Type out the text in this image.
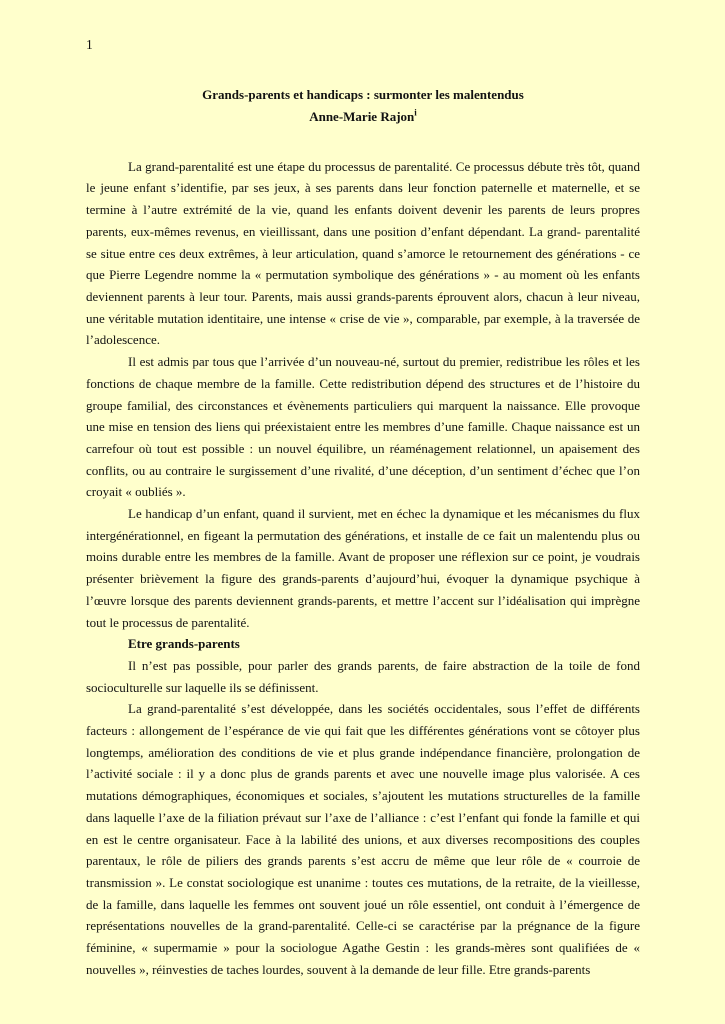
1

Grands-parents et handicaps : surmonter les malentendus

Anne-Marie Rajon$^i$

La grand-parentalité est une étape du processus de parentalité. Ce processus débute très tôt, quand le jeune enfant s’identifie, par ses jeux, à ses parents dans leur fonction paternelle et maternelle, et se termine à l’autre extrémité de la vie, quand les enfants doivent devenir les parents de leurs propres parents, eux-mêmes revenus, en vieillissant, dans une position d’enfant dépendant. La grand- parentalité se situe entre ces deux extrêmes, à leur articulation, quand s’amorce le retournement des générations - ce que Pierre Legendre nomme la « permutation symbolique des générations » - au moment où les enfants deviennent parents à leur tour. Parents, mais aussi grands-parents éprouvent alors, chacun à leur niveau, une véritable mutation identitaire, une intense « crise de vie », comparable, par exemple, à la traversée de l’adolescence.

Il est admis par tous que l’arrivée d’un nouveau-né, surtout du premier, redistribue les rôles et les fonctions de chaque membre de la famille. Cette redistribution dépend des structures et de l’histoire du groupe familial, des circonstances et évènements particuliers qui marquent la naissance. Elle provoque une mise en tension des liens qui préexistaient entre les membres d’une famille. Chaque naissance est un carrefour où tout est possible : un nouvel équilibre, un réaménagement relationnel, un apaisement des conflits, ou au contraire le surgissement d’une rivalité, d’une déception, d’un sentiment d’échec que l’on croyait « oubliés ».

Le handicap d’un enfant, quand il survient, met en échec la dynamique et les mécanismes du flux intergénérationnel, en figeant la permutation des générations, et installe de ce fait un malentendu plus ou moins durable entre les membres de la famille. Avant de proposer une réflexion sur ce point, je voudrais présenter brièvement la figure des grands-parents d’aujourd’hui, évoquer la dynamique psychique à l’œuvre lorsque des parents deviennent grands-parents, et mettre l’accent sur l’idéalisation qui imprègne tout le processus de parentalité.

Etre grands-parents

Il n’est pas possible, pour parler des grands parents, de faire abstraction de la toile de fond socioculturelle sur laquelle ils se définissent.

La grand-parentalité s’est développée, dans les sociétés occidentales, sous l’effet de différents facteurs : allongement de l’espérance de vie qui fait que les différentes générations vont se côtoyer plus longtemps, amélioration des conditions de vie et plus grande indépendance financière, prolongation de l’activité sociale : il y a donc plus de grands parents et avec une nouvelle image plus valorisée. A ces mutations démographiques, économiques et sociales, s’ajoutent les mutations structurelles de la famille dans laquelle l’axe de la filiation prévaut sur l’axe de l’alliance : c’est l’enfant qui fonde la famille et qui en est le centre organisateur. Face à la labilité des unions, et aux diverses recompositions des couples parentaux, le rôle de piliers des grands parents s’est accru de même que leur rôle de « courroie de transmission ». Le constat sociologique est unanime : toutes ces mutations, de la retraite, de la vieillesse, de la famille, dans laquelle les femmes ont souvent joué un rôle essentiel, ont conduit à l’émergence de représentations nouvelles de la grand-parentalité. Celle-ci se caractérise par la prégnance de la figure féminine, « supermamie » pour la sociologue Agathe Gestin : les grands-mères sont qualifiées de « nouvelles », réinvesties de taches lourdes, souvent à la demande de leur fille. Etre grands-parents
